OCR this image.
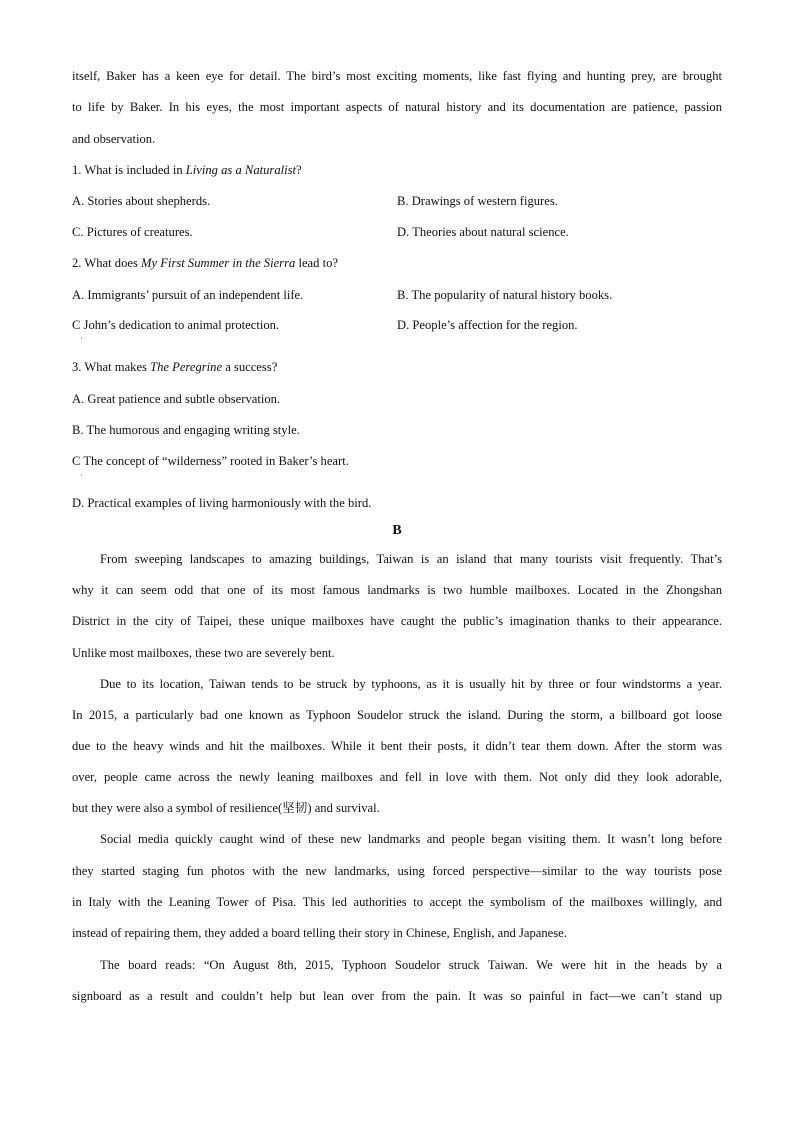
itself, Baker has a keen eye for detail. The bird’s most exciting moments, like fast flying and hunting prey, are brought
to life by Baker. In his eyes, the most important aspects of natural history and its documentation are patience, passion
and observation.
1. What is included in Living as a Naturalist?
A. Stories about shepherds.	B. Drawings of western figures.
C. Pictures of creatures.	D. Theories about natural science.
2. What does My First Summer in the Sierra lead to?
A. Immigrants’ pursuit of an independent life.	B. The popularity of natural history books.
C John’s dedication to animal protection.
·
D. People’s affection for the region.
3. What makes The Peregrine a success?
A. Great patience and subtle observation.
B. The humorous and engaging writing style.
C The concept of “wilderness” rooted in Baker’s heart.
·
D. Practical examples of living harmoniously with the bird.
B
From sweeping landscapes to amazing buildings, Taiwan is an island that many tourists visit frequently. That’s
why it can seem odd that one of its most famous landmarks is two humble mailboxes. Located in the Zhongshan
District in the city of Taipei, these unique mailboxes have caught the public’s imagination thanks to their appearance.
Unlike most mailboxes, these two are severely bent.
Due to its location, Taiwan tends to be struck by typhoons, as it is usually hit by three or four windstorms a year.
In 2015, a particularly bad one known as Typhoon Soudelor struck the island. During the storm, a billboard got loose
due to the heavy winds and hit the mailboxes. While it bent their posts, it didn’t tear them down. After the storm was
over, people came across the newly leaning mailboxes and fell in love with them. Not only did they look adorable,
but they were also a symbol of resilience(坚韧) and survival.
Social media quickly caught wind of these new landmarks and people began visiting them. It wasn’t long before
they started staging fun photos with the new landmarks, using forced perspective—similar to the way tourists pose
in Italy with the Leaning Tower of Pisa. This led authorities to accept the symbolism of the mailboxes willingly, and
instead of repairing them, they added a board telling their story in Chinese, English, and Japanese.
The board reads: “On August 8th, 2015, Typhoon Soudelor struck Taiwan. We were hit in the heads by a
signboard as a result and couldn’t help but lean over from the pain. It was so painful in fact—we can’t stand up
